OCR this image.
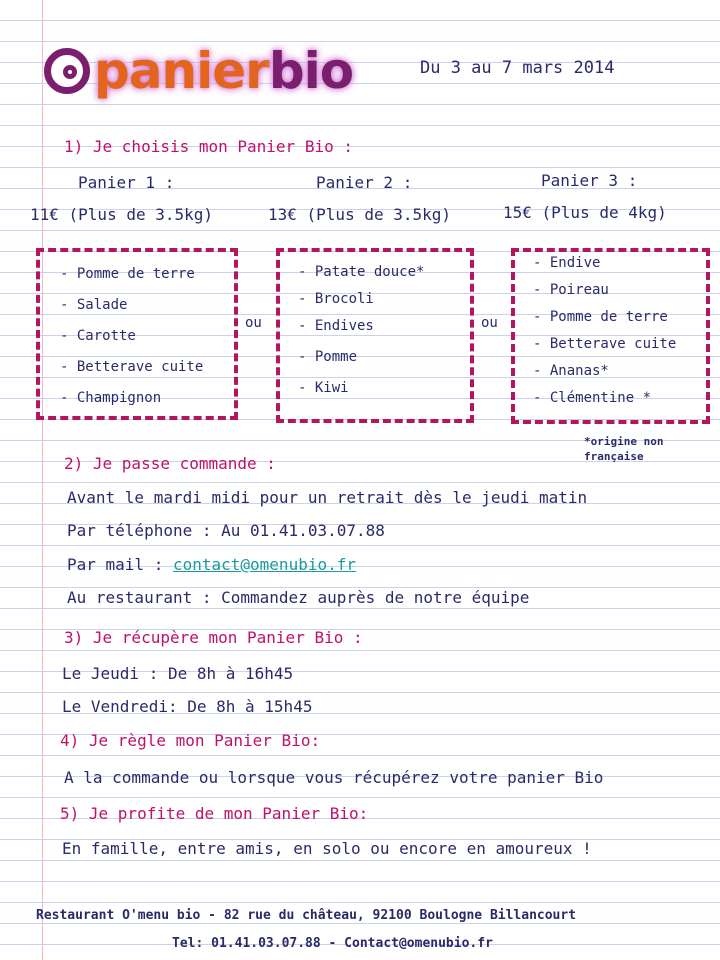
panierbio	Du 3 au 7 mars 2014
1) Je choisis mon Panier Bio :
Panier 1 :	Panier 2 :	Panier 3 :
11€ (Plus de 3.5kg)	13€ (Plus de 3.5kg)	15€ (Plus de 4kg)
- Pomme de terre
- Salade
- Carotte
- Betterave cuite
- Champignon
ou
- Patate douce*
- Brocoli
- Endives
- Pomme
- Kiwi
ou
- Endive
- Poireau
- Pomme de terre
- Betterave cuite
- Ananas*
- Clémentine *
*origine non
française
2) Je passe commande :
Avant le mardi midi pour un retrait dès le jeudi matin
Par téléphone : Au 01.41.03.07.88
Par mail : contact@omenubio.fr
Au restaurant : Commandez auprès de notre équipe
3) Je récupère mon Panier Bio :
Le Jeudi : De 8h à 16h45
Le Vendredi: De 8h à 15h45
4) Je règle mon Panier Bio:
A la commande ou lorsque vous récupérez votre panier Bio
5) Je profite de mon Panier Bio:
En famille, entre amis, en solo ou encore en amoureux !
Restaurant O'menu bio - 82 rue du château, 92100 Boulogne Billancourt
Tel: 01.41.03.07.88 - Contact@omenubio.fr
